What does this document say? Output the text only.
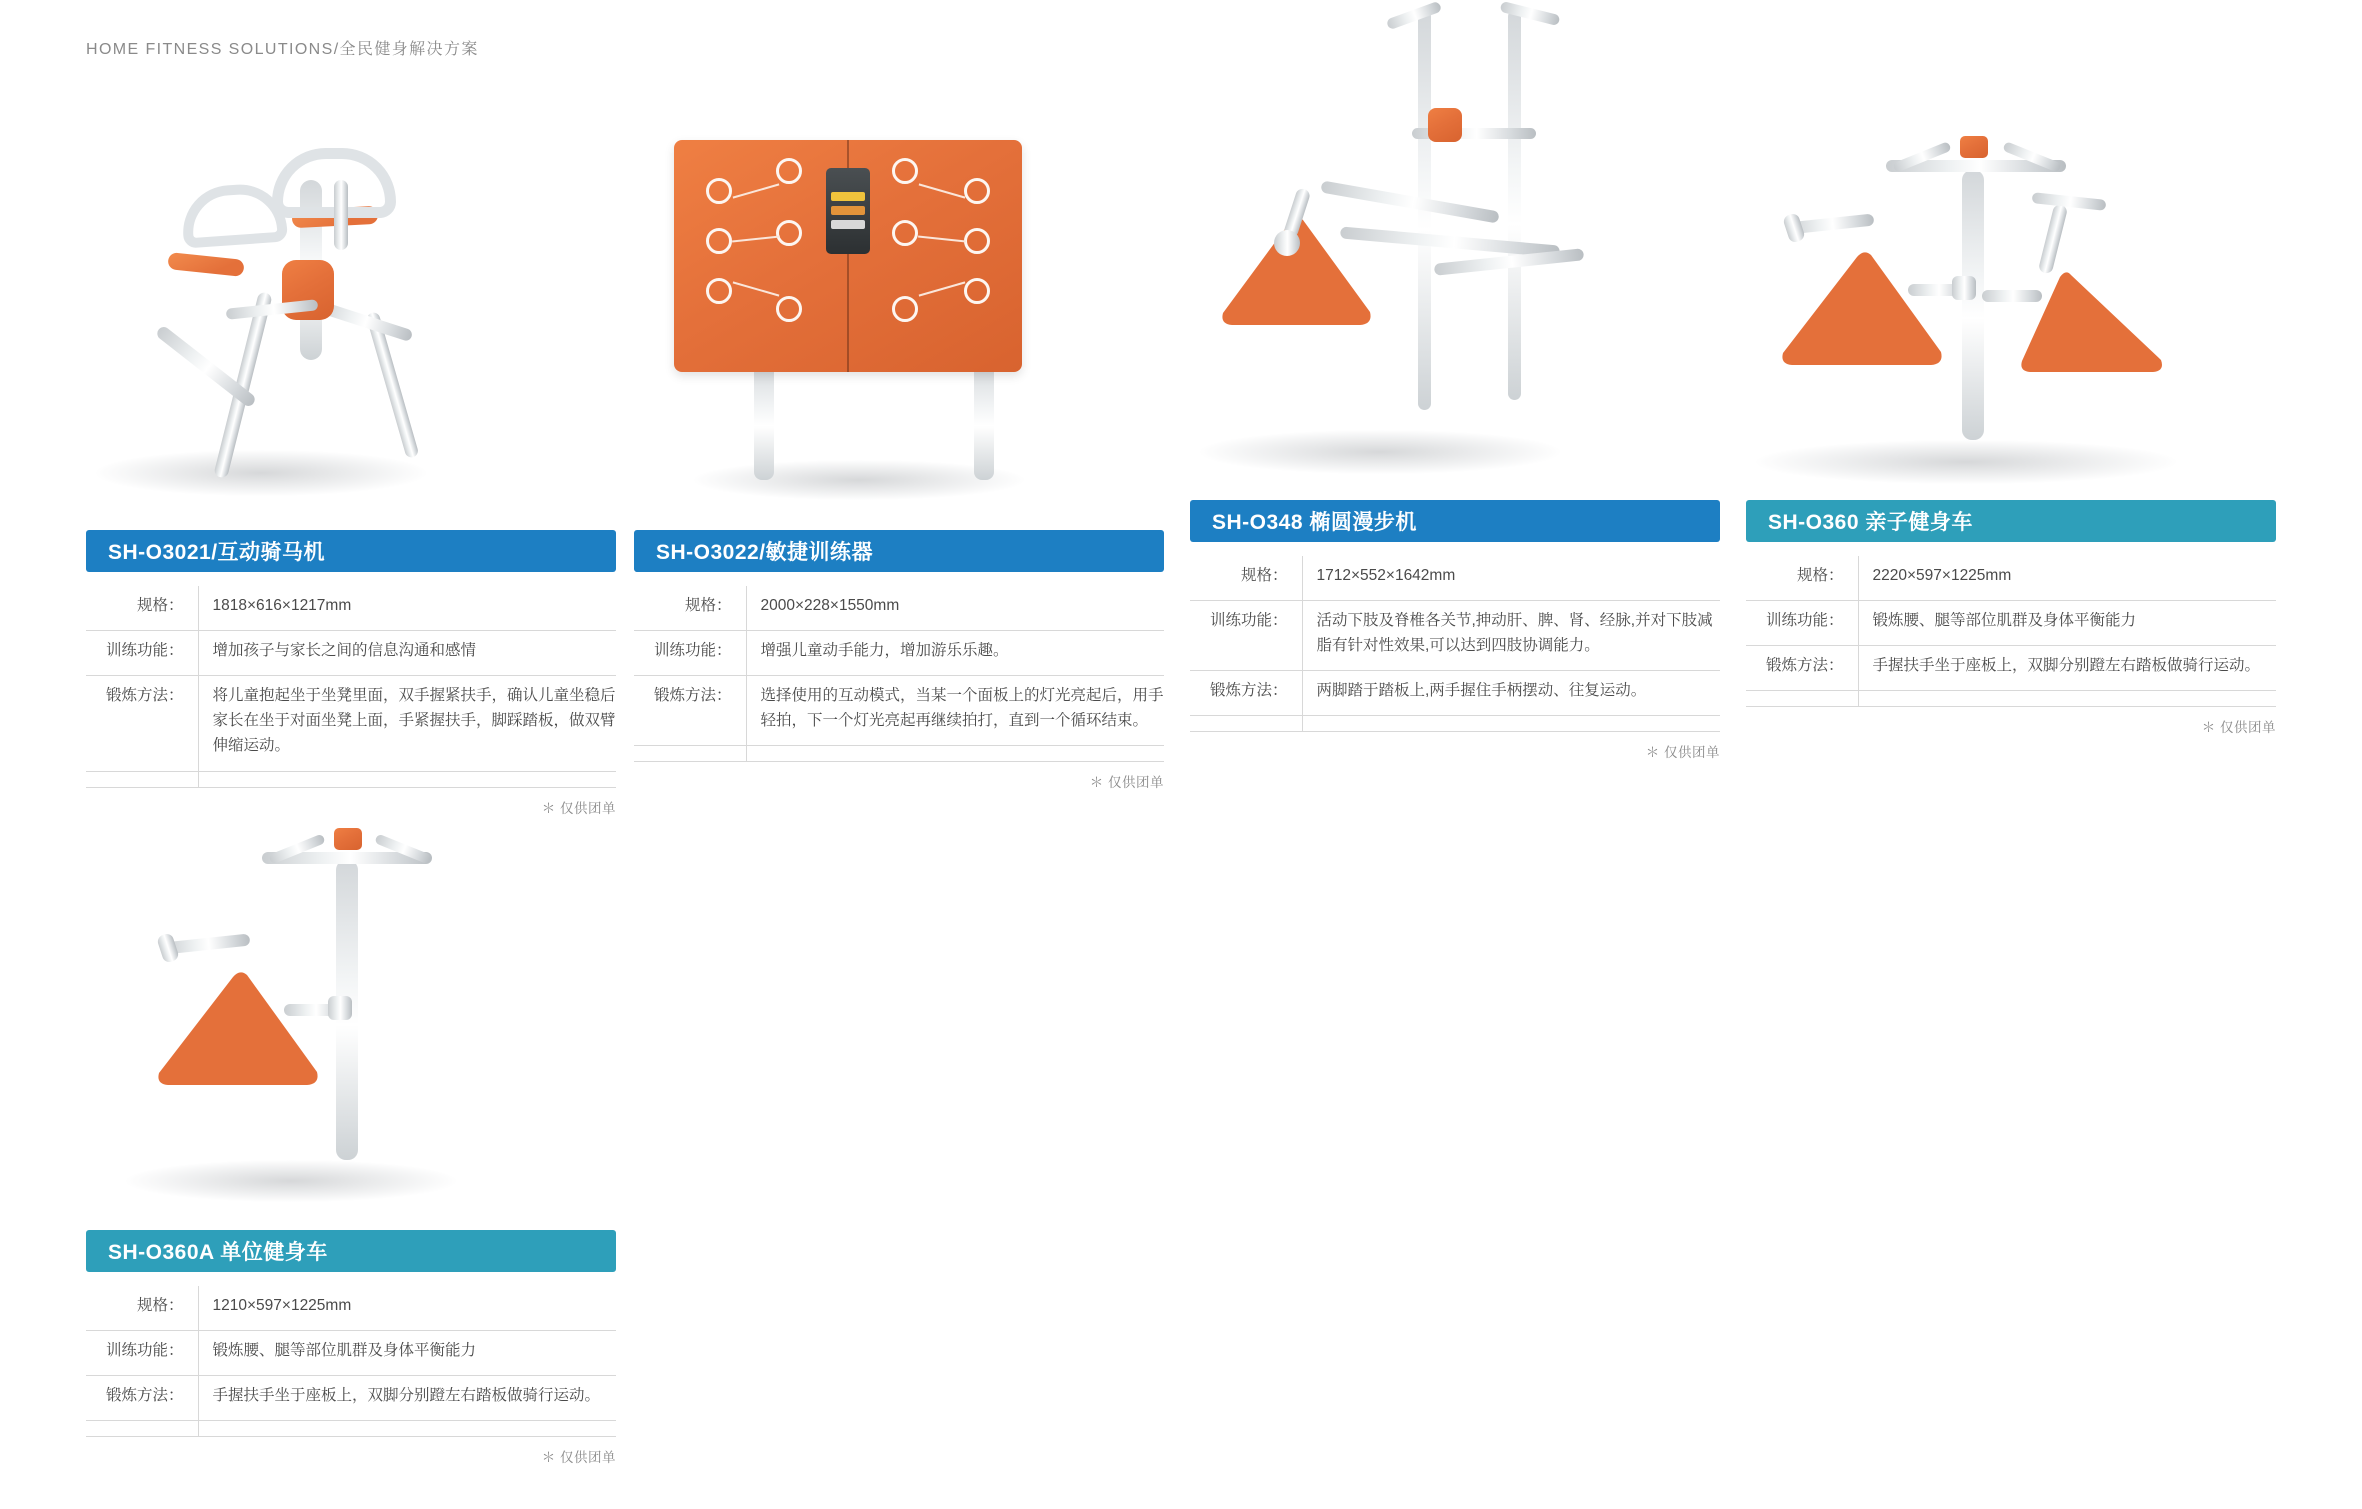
HOME FITNESS SOLUTIONS/全民健身解决方案
SH-O3021/互动骑马机
规格：	1818×616×1217mm
训练功能：	增加孩子与家长之间的信息沟通和感情
锻炼方法：	将儿童抱起坐于坐凳里面，双手握紧扶手，确认儿童坐稳后家长在坐于对面坐凳上面，手紧握扶手，脚踩踏板，做双臂伸缩运动。

＊ 仅供团单
SH-O3022/敏捷训练器
规格：	2000×228×1550mm
训练功能：	增强儿童动手能力，增加游乐乐趣。
锻炼方法：	选择使用的互动模式，当某一个面板上的灯光亮起后，用手轻拍，下一个灯光亮起再继续拍打，直到一个循环结束。

＊ 仅供团单
SH-O348 椭圆漫步机
规格：	1712×552×1642mm
训练功能：	活动下肢及脊椎各关节,抻动肝、脾、肾、经脉,并对下肢减脂有针对性效果,可以达到四肢协调能力。
锻炼方法：	两脚踏于踏板上,两手握住手柄摆动、往复运动。

＊ 仅供团单
SH-O360 亲子健身车
规格：	2220×597×1225mm
训练功能：	锻炼腰、腿等部位肌群及身体平衡能力
锻炼方法：	手握扶手坐于座板上，双脚分别蹬左右踏板做骑行运动。

＊ 仅供团单
SH-O360A 单位健身车
规格：	1210×597×1225mm
训练功能：	锻炼腰、腿等部位肌群及身体平衡能力
锻炼方法：	手握扶手坐于座板上，双脚分别蹬左右踏板做骑行运动。

＊ 仅供团单
